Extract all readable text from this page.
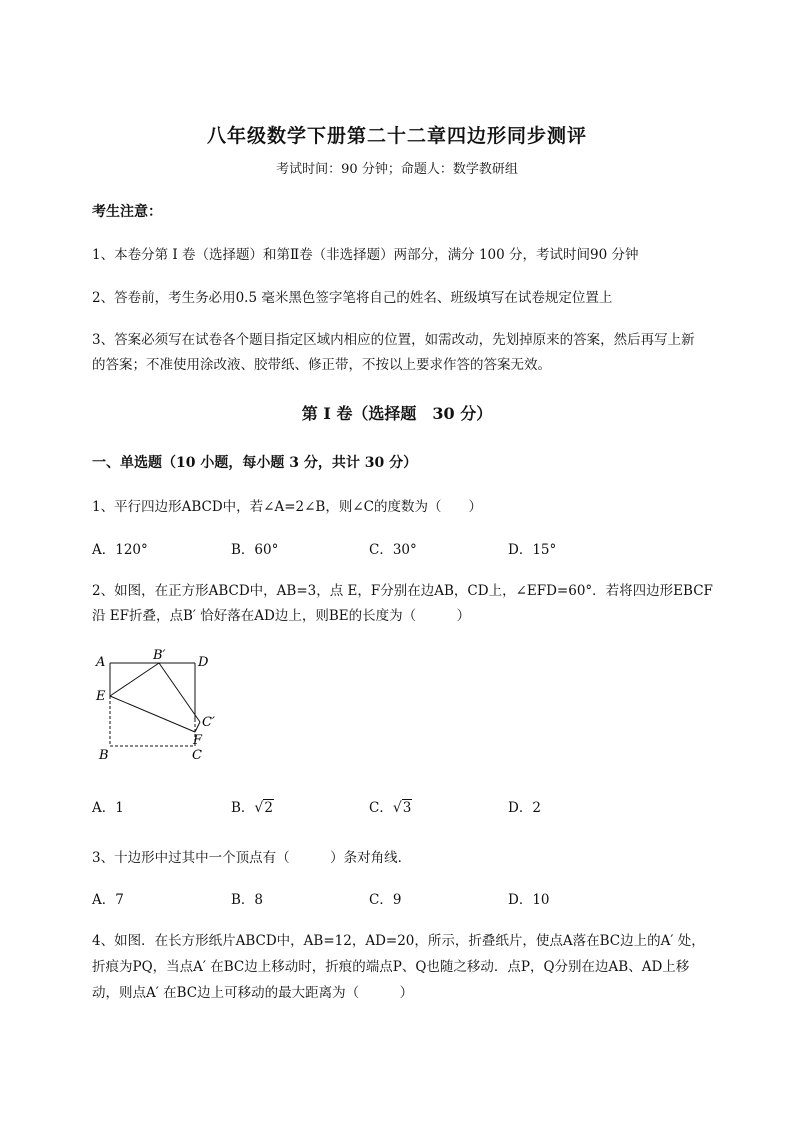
八年级数学下册第二十二章四边形同步测评
考试时间：90 分钟；命题人：数学教研组
考生注意：
1、本卷分第 I 卷（选择题）和第Ⅱ卷（非选择题）两部分，满分 100 分，考试时间90 分钟
2、答卷前，考生务必用0.5 毫米黑色签字笔将自己的姓名、班级填写在试卷规定位置上
3、答案必须写在试卷各个题目指定区域内相应的位置，如需改动，先划掉原来的答案，然后再写上新
的答案；不准使用涂改液、胶带纸、修正带，不按以上要求作答的答案无效。
第 I 卷（选择题　30 分）
一、单选题（10 小题，每小题 3 分，共计 30 分）
1、平行四边形ABCD中，若∠A=2∠B，则∠C的度数为（　　）
A．120°	B．60°	C．30°	D．15°
2、如图，在正方形ABCD中，AB=3，点 E，F分别在边AB，CD上，∠EFD=60°．若将四边形EBCF
沿 EF折叠，点B′ 恰好落在AD边上，则BE的长度为（　　　）
A	B′ D
E
C′
F
B	C
A．1	B．√2	C．√3	D．2
3、十边形中过其中一个顶点有（　　　）条对角线．
A．7	B．8	C．9	D．10
4、如图．在长方形纸片ABCD中，AB=12，AD=20，所示，折叠纸片，使点A落在BC边上的A′ 处，
折痕为PQ，当点A′ 在BC边上移动时，折痕的端点P、Q也随之移动．点P，Q分别在边AB、AD上移
动，则点A′ 在BC边上可移动的最大距离为（　　　）
